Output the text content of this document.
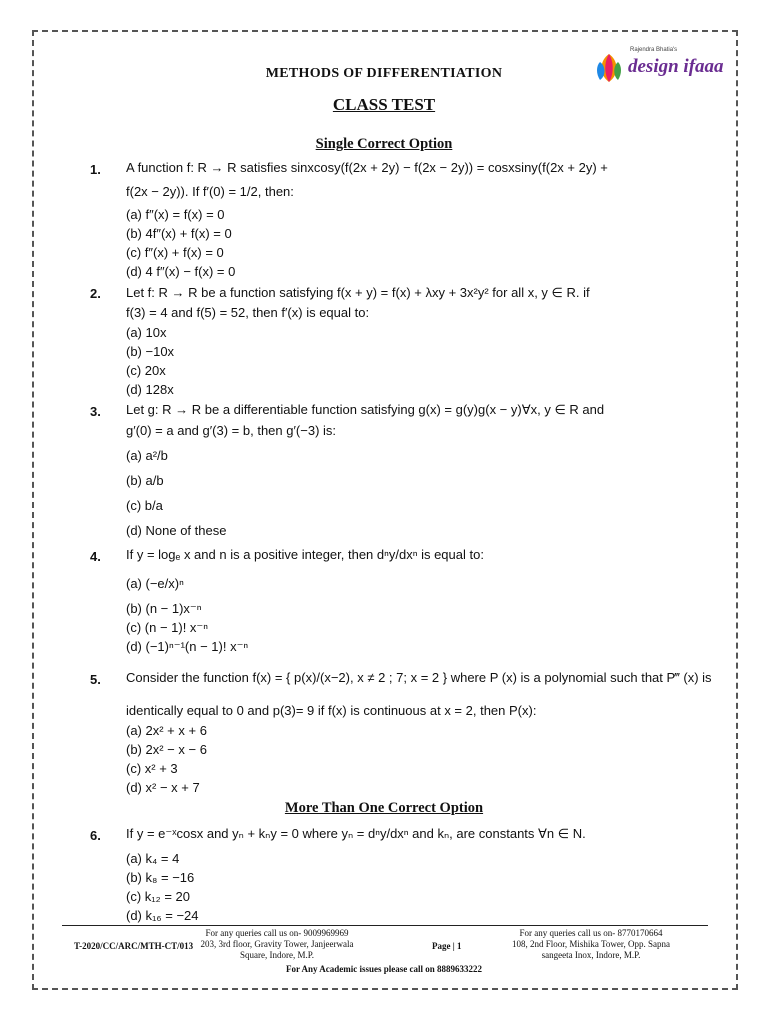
Rajendra Bhatia's
design ifaaa
METHODS OF DIFFERENTIATION
CLASS TEST
Single Correct Option
1. A function f: R → R satisfies sinxcosy(f(2x + 2y) − f(2x − 2y)) = cosxsiny(f(2x + 2y) +
f(2x − 2y)). If f′(0) = 1/2, then:
(a) f″(x) = f(x) = 0
(b) 4f″(x) + f(x) = 0
(c) f″(x) + f(x) = 0
(d) 4 f″(x) − f(x) = 0
2. Let f: R → R be a function satisfying f(x + y) = f(x) + λxy + 3x²y² for all x, y ∈ R. if
f(3) = 4 and f(5) = 52, then f′(x) is equal to:
(a) 10x
(b) −10x
(c) 20x
(d) 128x
3. Let g: R → R be a differentiable function satisfying g(x) = g(y)g(x − y)∀x, y ∈ R and
g′(0) = a and g′(3) = b, then g′(−3) is:
(a) a²/b
(b) a/b
(c) b/a
(d) None of these
4. If y = logₑ x and n is a positive integer, then dⁿy/dxⁿ is equal to:
(a) (−e/x)ⁿ
(b) (n − 1)x⁻ⁿ
(c) (n − 1)! x⁻ⁿ
(d) (−1)ⁿ⁻¹(n − 1)! x⁻ⁿ
5. Consider the function f(x) = { p(x)/(x−2), x ≠ 2 ; 7; x = 2 } where P (x) is a polynomial such that P‴ (x) is
identically equal to 0 and p(3)= 9 if f(x) is continuous at x = 2, then P(x):
(a) 2x² + x + 6
(b) 2x² − x − 6
(c) x² + 3
(d) x² − x + 7
More Than One Correct Option
6. If y = e⁻ˣcosx and yₙ + kₙy = 0 where yₙ = dⁿy/dxⁿ and kₙ, are constants ∀n ∈ N.
(a) k₄ = 4
(b) k₈ = −16
(c) k₁₂ = 20
(d) k₁₆ = −24
T-2020/CC/ARC/MTH-CT/013
For any queries call us on- 9009969969
203, 3rd floor, Gravity Tower, Janjeerwala
Square, Indore, M.P.
Page | 1
For any queries call us on- 8770170664
108, 2nd Floor, Mishika Tower, Opp. Sapna
sangeeta Inox, Indore, M.P.
For Any Academic issues please call on 8889633222
